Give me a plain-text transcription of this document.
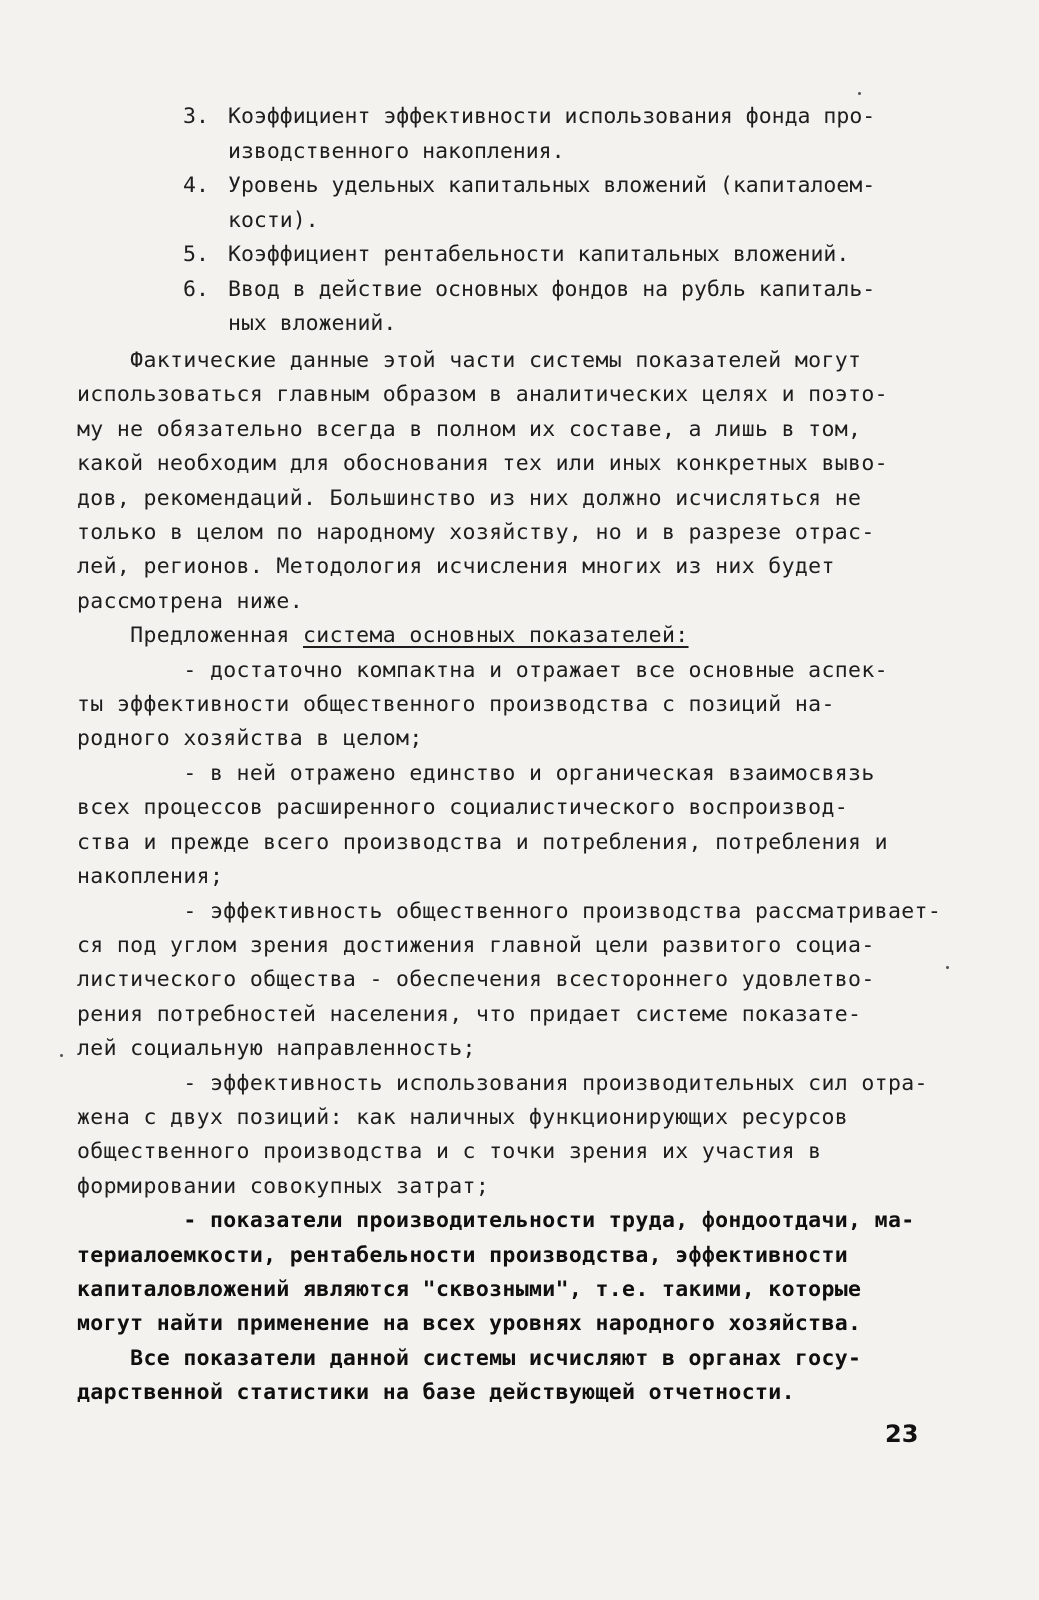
3. Коэффициент эффективности использования фонда про-
изводственного накопления.
4. Уровень удельных капитальных вложений (капиталоем-
кости).
5. Коэффициент рентабельности капитальных вложений.
6. Ввод в действие основных фондов на рубль капиталь-
ных вложений.
Фактические данные этой части системы показателей могут
использоваться главным образом в аналитических целях и поэто-
му не обязательно всегда в полном их составе, а лишь в том,
какой необходим для обоснования тех или иных конкретных выво-
дов, рекомендаций. Большинство из них должно исчисляться не
только в целом по народному хозяйству, но и в разрезе отрас-
лей, регионов. Методология исчисления многих из них будет
рассмотрена ниже.
Предложенная система основных показателей:
- достаточно компактна и отражает все основные аспек-
ты эффективности общественного производства с позиций на-
родного хозяйства в целом;
- в ней отражено единство и органическая взаимосвязь
всех процессов расширенного социалистического воспроизвод-
ства и прежде всего производства и потребления, потребления и
накопления;
- эффективность общественного производства рассматривает-
ся под углом зрения достижения главной цели развитого социа-
листического общества - обеспечения всестороннего удовлетво-
рения потребностей населения, что придает системе показате-
лей социальную направленность;
- эффективность использования производительных сил отра-
жена с двух позиций: как наличных функционирующих ресурсов
общественного производства и с точки зрения их участия в
формировании совокупных затрат;
- показатели производительности труда, фондоотдачи, ма-
териалоемкости, рентабельности производства, эффективности
капиталовложений являются "сквозными", т.е. такими, которые
могут найти применение на всех уровнях народного хозяйства.
Все показатели данной системы исчисляют в органах госу-
дарственной статистики на базе действующей отчетности.
23
